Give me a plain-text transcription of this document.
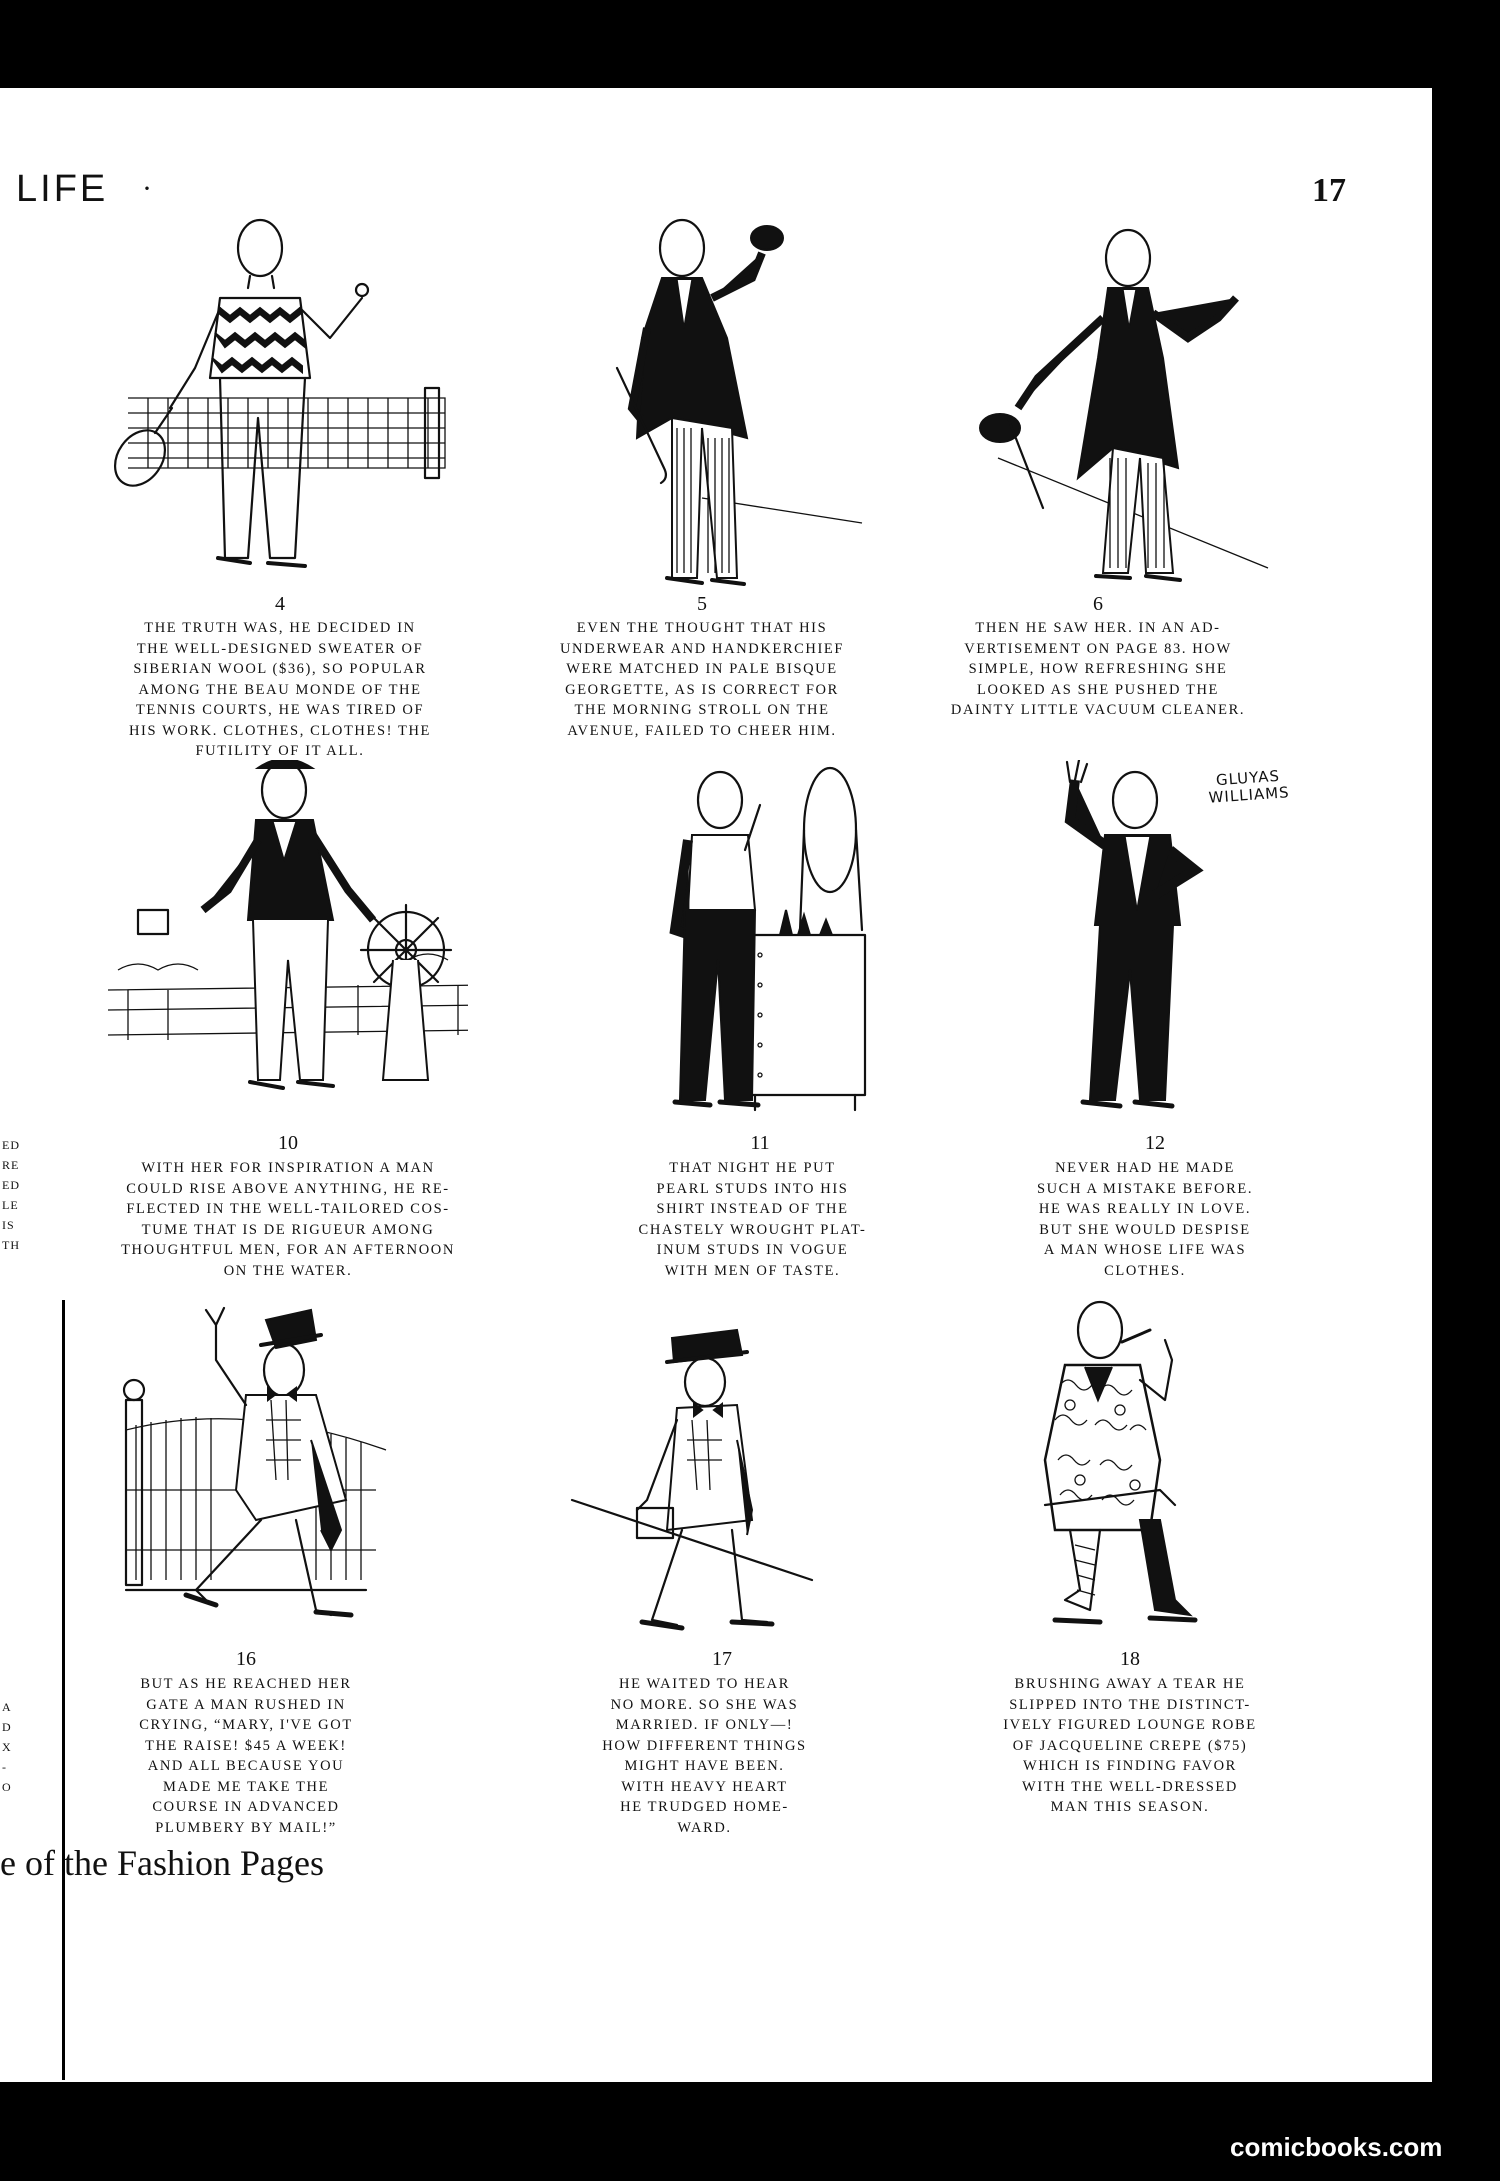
LIFE ·	17
ED
RE
ED
LE
IS
TH
A
D
X
-
O
4
THE TRUTH WAS, HE DECIDED IN
THE WELL-DESIGNED SWEATER OF
SIBERIAN WOOL ($36), SO POPULAR
AMONG THE BEAU MONDE OF THE
TENNIS COURTS, HE WAS TIRED OF
HIS WORK. CLOTHES, CLOTHES! THE
FUTILITY OF IT ALL.
5
EVEN THE THOUGHT THAT HIS
UNDERWEAR AND HANDKERCHIEF
WERE MATCHED IN PALE BISQUE
GEORGETTE, AS IS CORRECT FOR
THE MORNING STROLL ON THE
AVENUE, FAILED TO CHEER HIM.
6
THEN HE SAW HER. IN AN AD-
VERTISEMENT ON PAGE 83. HOW
SIMPLE, HOW REFRESHING SHE
LOOKED AS SHE PUSHED THE
DAINTY LITTLE VACUUM CLEANER.
10
WITH HER FOR INSPIRATION A MAN
COULD RISE ABOVE ANYTHING, HE RE-
FLECTED IN THE WELL-TAILORED COS-
TUME THAT IS DE RIGUEUR AMONG
THOUGHTFUL MEN, FOR AN AFTERNOON
ON THE WATER.
11
THAT NIGHT HE PUT
PEARL STUDS INTO HIS
SHIRT INSTEAD OF THE
CHASTELY WROUGHT PLAT-
INUM STUDS IN VOGUE
WITH MEN OF TASTE.
12
NEVER HAD HE MADE
SUCH A MISTAKE BEFORE.
HE WAS REALLY IN LOVE.
BUT SHE WOULD DESPISE
A MAN WHOSE LIFE WAS
CLOTHES.
GLUYAS
WILLIAMS
16
BUT AS HE REACHED HER
GATE A MAN RUSHED IN
CRYING, “MARY, I'VE GOT
THE RAISE! $45 A WEEK!
AND ALL BECAUSE YOU
MADE ME TAKE THE
COURSE IN ADVANCED
PLUMBERY BY MAIL!”
17
HE WAITED TO HEAR
NO MORE. SO SHE WAS
MARRIED. IF ONLY—!
HOW DIFFERENT THINGS
MIGHT HAVE BEEN.
WITH HEAVY HEART
HE TRUDGED HOME-
WARD.
18
BRUSHING AWAY A TEAR HE
SLIPPED INTO THE DISTINCT-
IVELY FIGURED LOUNGE ROBE
OF JACQUELINE CREPE ($75)
WHICH IS FINDING FAVOR
WITH THE WELL-DRESSED
MAN THIS SEASON.
e of the Fashion Pages
comicbooks.com
